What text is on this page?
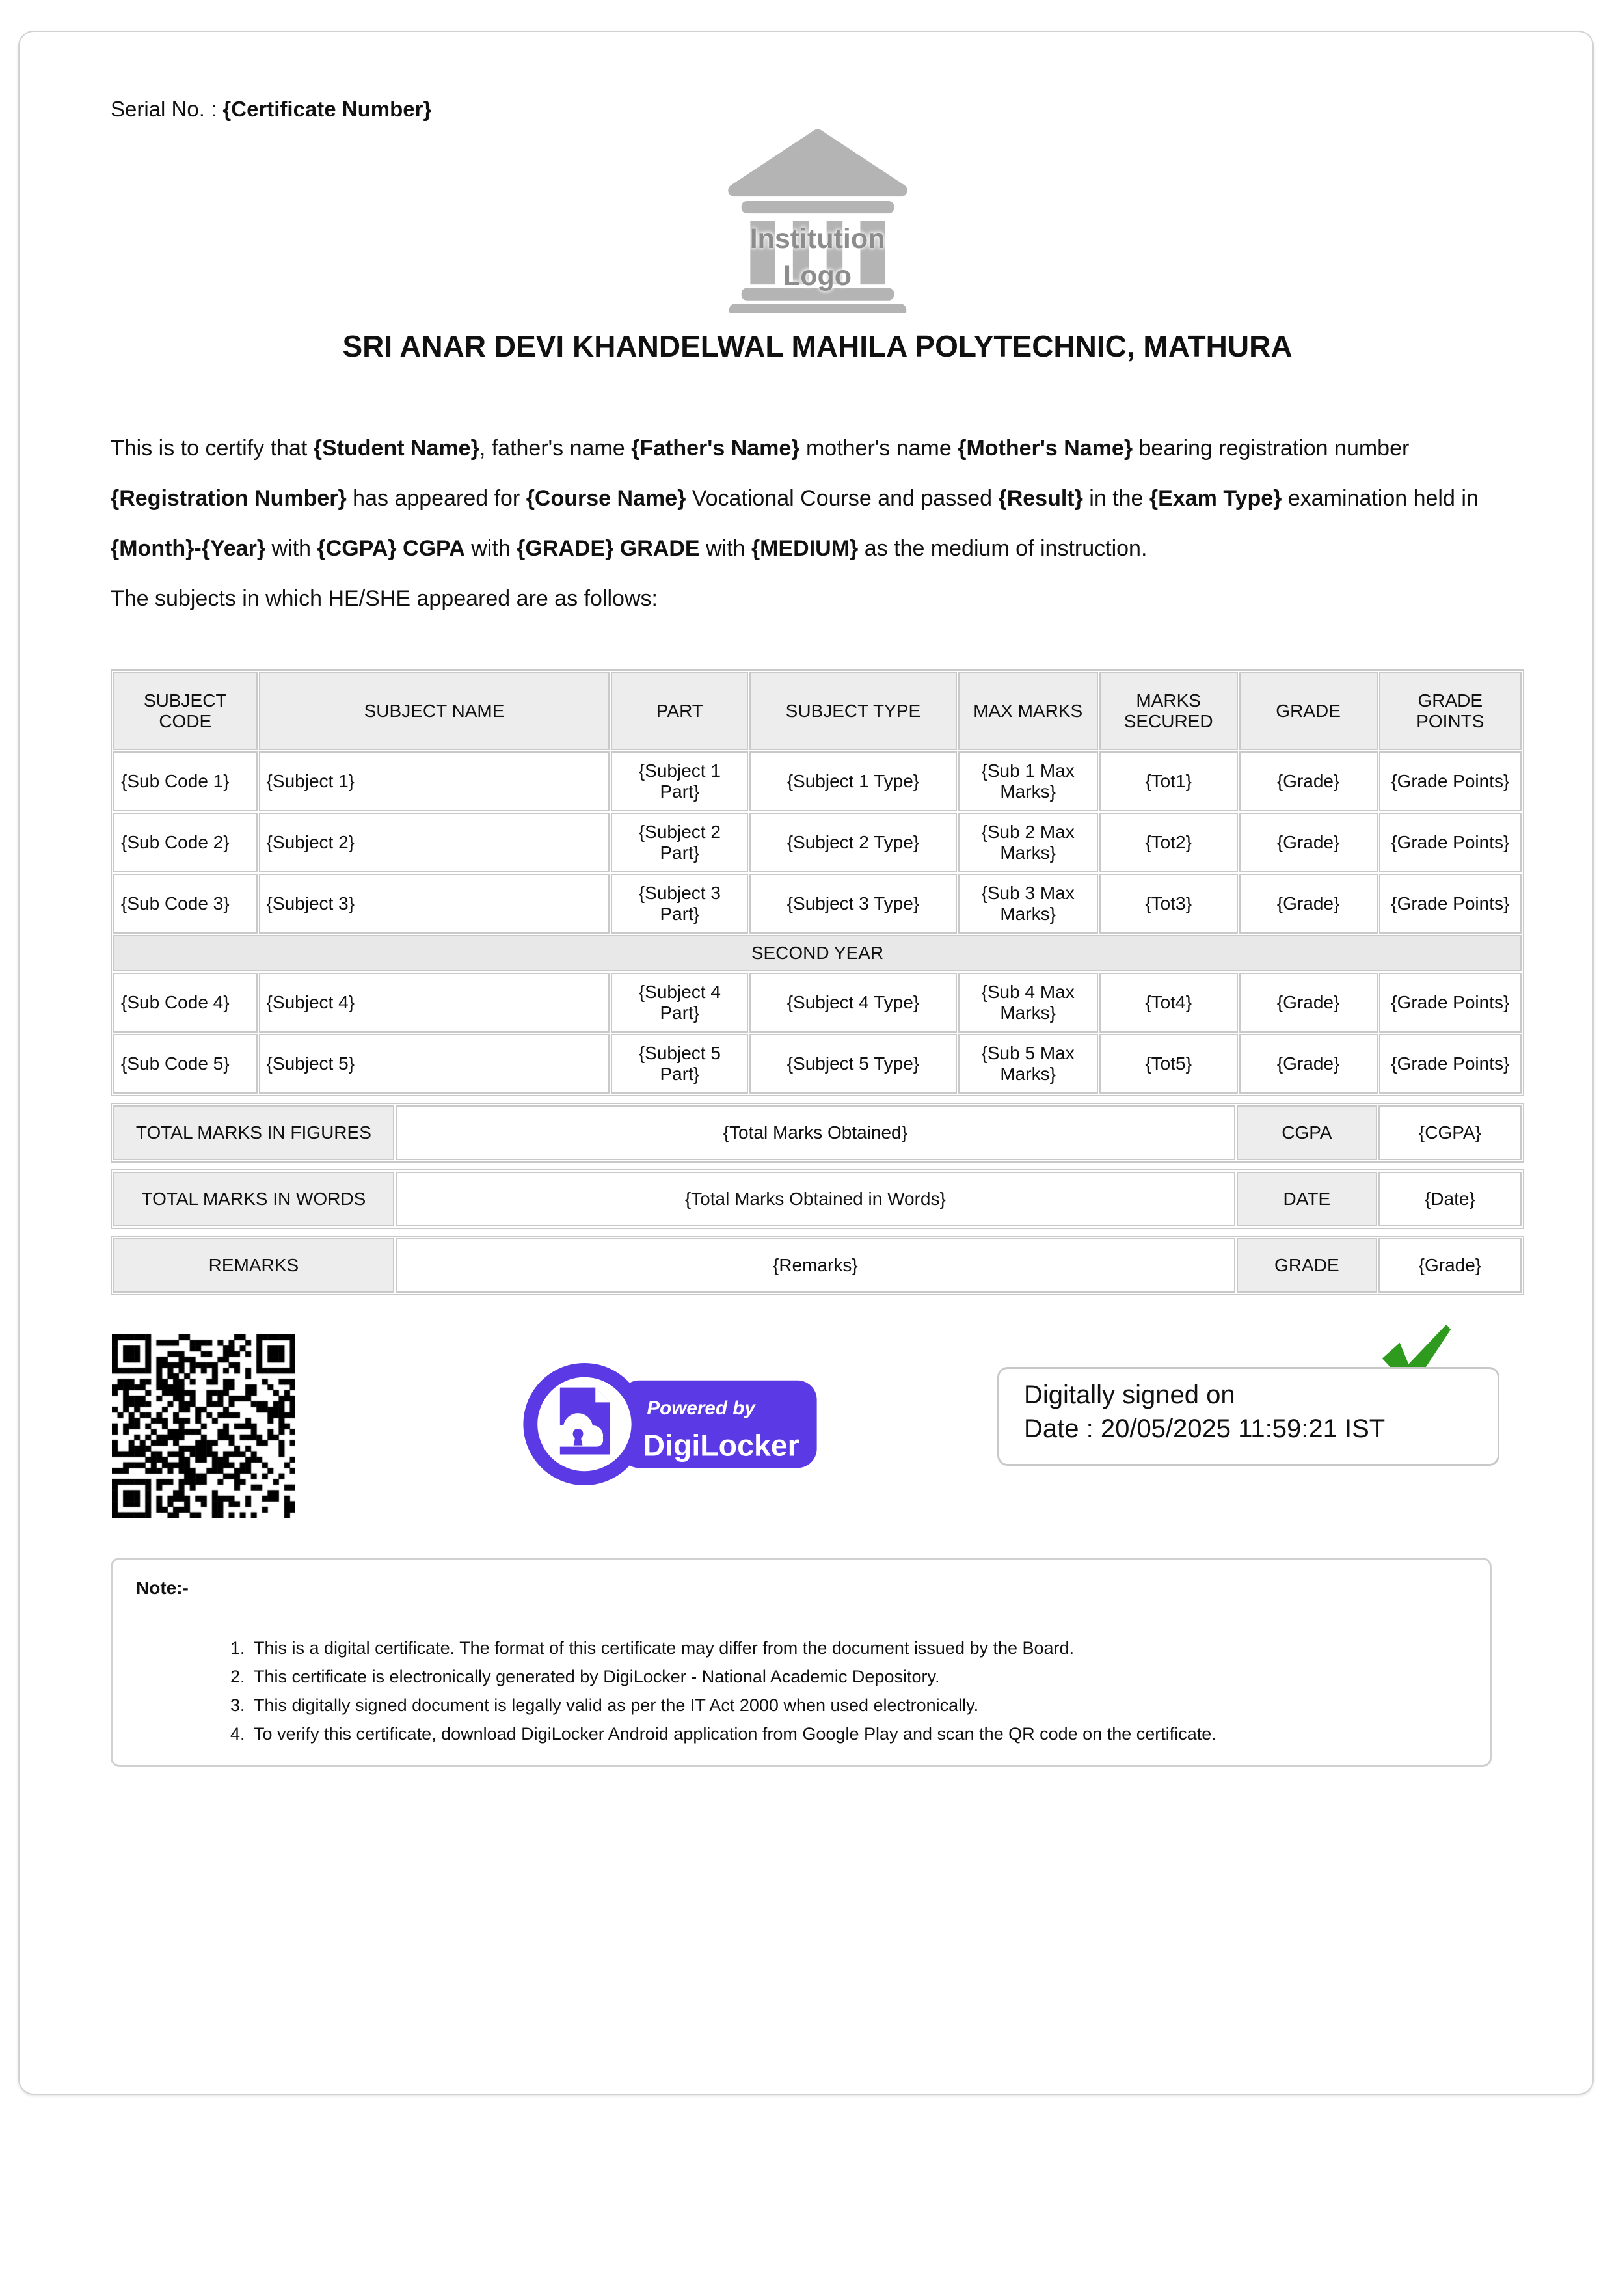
Serial No. : {Certificate Number}
Institution
Logo
SRI ANAR DEVI KHANDELWAL MAHILA POLYTECHNIC, MATHURA

This is to certify that {Student Name}, father's name {Father's Name} mother's name {Mother's Name} bearing registration number {Registration Number} has appeared for {Course Name} Vocational Course and passed {Result} in the {Exam Type} examination held in {Month}-{Year} with {CGPA} CGPA with {GRADE} GRADE with {MEDIUM} as the medium of instruction.

The subjects in which HE/SHE appeared are as follows:

SUBJECT CODE	SUBJECT NAME	PART	SUBJECT TYPE	MAX MARKS	MARKS SECURED	GRADE	GRADE POINTS
{Sub Code 1}	{Subject 1}	{Subject 1 Part}	{Subject 1 Type}	{Sub 1 Max Marks}	{Tot1}	{Grade}	{Grade Points}
{Sub Code 2}	{Subject 2}	{Subject 2 Part}	{Subject 2 Type}	{Sub 2 Max Marks}	{Tot2}	{Grade}	{Grade Points}
{Sub Code 3}	{Subject 3}	{Subject 3 Part}	{Subject 3 Type}	{Sub 3 Max Marks}	{Tot3}	{Grade}	{Grade Points}
SECOND YEAR							
{Sub Code 4}	{Subject 4}	{Subject 4 Part}	{Subject 4 Type}	{Sub 4 Max Marks}	{Tot4}	{Grade}	{Grade Points}
{Sub Code 5}	{Subject 5}	{Subject 5 Part}	{Subject 5 Type}	{Sub 5 Max Marks}	{Tot5}	{Grade}	{Grade Points}
TOTAL MARKS IN FIGURES	{Total Marks Obtained}	CGPA	{CGPA}
TOTAL MARKS IN WORDS	{Total Marks Obtained in Words}	DATE	{Date}
REMARKS	{Remarks}	GRADE	{Grade}
Powered by
DigiLocker
Digitally signed on
Date : 20/05/2025 11:59:21 IST
Note:-
1. This is a digital certificate. The format of this certificate may differ from the document issued by the Board.
2. This certificate is electronically generated by DigiLocker - National Academic Depository.
3. This digitally signed document is legally valid as per the IT Act 2000 when used electronically.
4. To verify this certificate, download DigiLocker Android application from Google Play and scan the QR code on the certificate.
